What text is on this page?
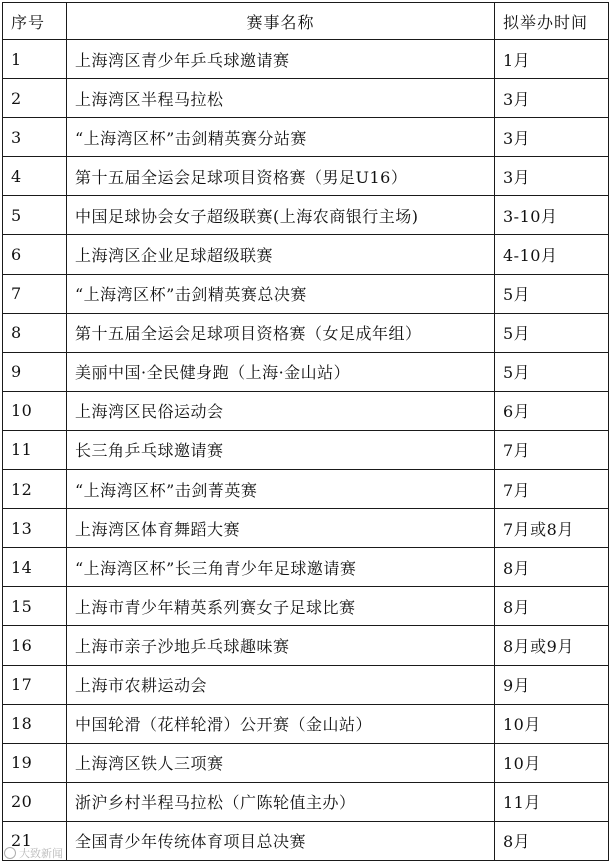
序号	赛事名称	拟举办时间
1	上海湾区青少年乒乓球邀请赛	1月
2	上海湾区半程马拉松	3月
3	“上海湾区杯”击剑精英赛分站赛	3月
4	第十五届全运会足球项目资格赛（男足U16）	3月
5	中国足球协会女子超级联赛(上海农商银行主场)	3-10月
6	上海湾区企业足球超级联赛	4-10月
7	“上海湾区杯”击剑精英赛总决赛	5月
8	第十五届全运会足球项目资格赛（女足成年组）	5月
9	美丽中国·全民健身跑（上海·金山站）	5月
10	上海湾区民俗运动会	6月
11	长三角乒乓球邀请赛	7月
12	“上海湾区杯”击剑菁英赛	7月
13	上海湾区体育舞蹈大赛	7月或8月
14	“上海湾区杯”长三角青少年足球邀请赛	8月
15	上海市青少年精英系列赛女子足球比赛	8月
16	上海市亲子沙地乒乓球趣味赛	8月或9月
17	上海市农耕运动会	9月
18	中国轮滑（花样轮滑）公开赛（金山站）	10月
19	上海湾区铁人三项赛	10月
20	浙沪乡村半程马拉松（广陈轮值主办）	11月
21	全国青少年传统体育项目总决赛	8月
大致新闻
